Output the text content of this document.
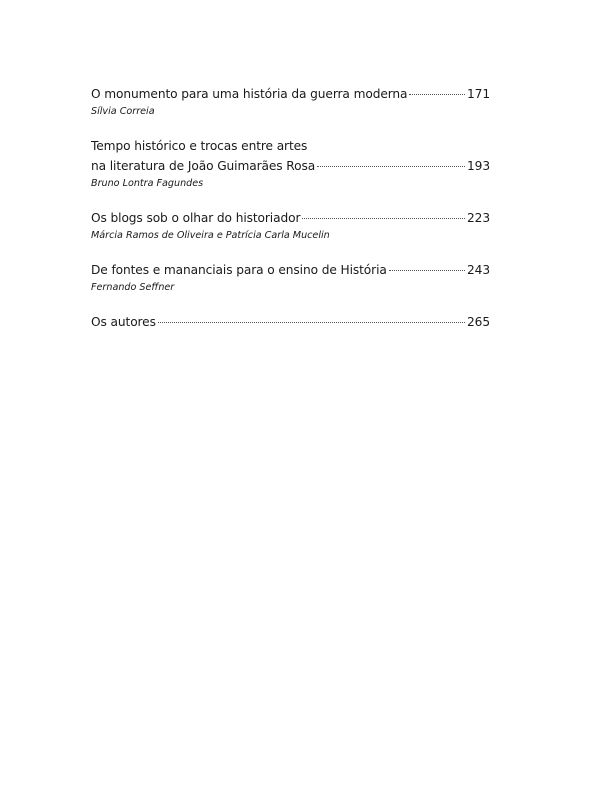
O monumento para uma história da guerra moderna	171
Sílvia Correia
Tempo histórico e trocas entre artes
na literatura de João Guimarães Rosa	193
Bruno Lontra Fagundes
Os blogs sob o olhar do historiador	223
Márcia Ramos de Oliveira e Patrícia Carla Mucelin
De fontes e mananciais para o ensino de História	243
Fernando Seffner
Os autores	265
